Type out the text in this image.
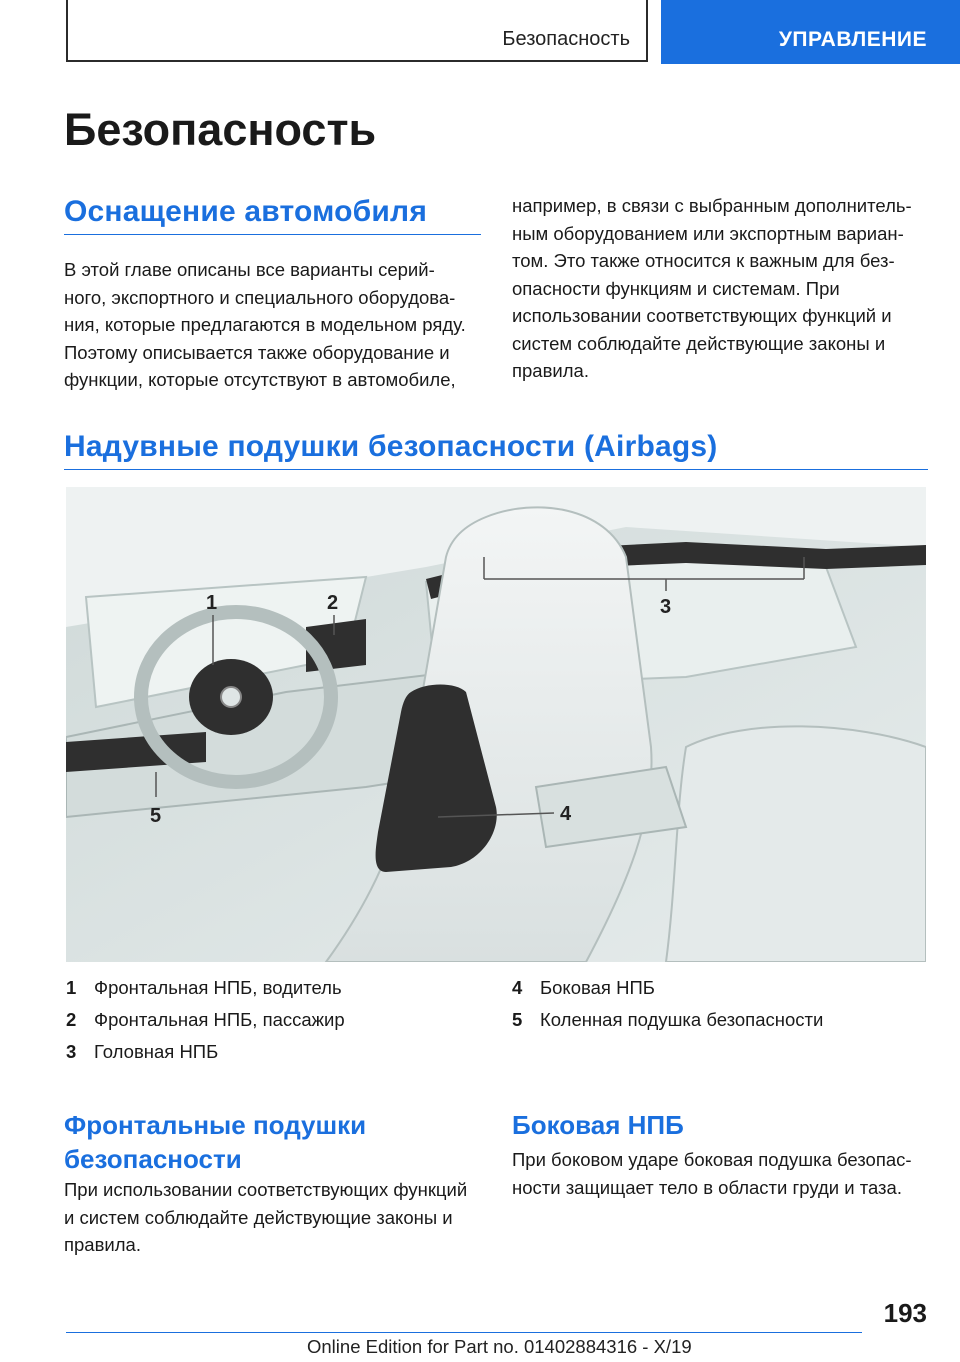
Безопасность	УПРАВЛЕНИЕ
Безопасность
Оснащение автомобиля
В этой главе описаны все варианты серий-
ного, экспортного и специального оборудова-
ния, которые предлагаются в модельном ряду.
Поэтому описывается также оборудование и
функции, которые отсутствуют в автомобиле,
например, в связи с выбранным дополнитель-
ным оборудованием или экспортным вариан-
том. Это также относится к важным для без-
опасности функциям и системам. При
использовании соответствующих функций и
систем соблюдайте действующие законы и
правила.
Надувные подушки безопасности (Airbags)
1	2	3
4
5
1 Фронтальная НПБ, водитель
2 Фронтальная НПБ, пассажир
3 Головная НПБ
4 Боковая НПБ
5 Коленная подушка безопасности
Фронтальные подушки
безопасности
При использовании соответствующих функций
и систем соблюдайте действующие законы и
правила.
Боковая НПБ
При боковом ударе боковая подушка безопас-
ности защищает тело в области груди и таза.
193
Online Edition for Part no. 01402884316 - X/19
